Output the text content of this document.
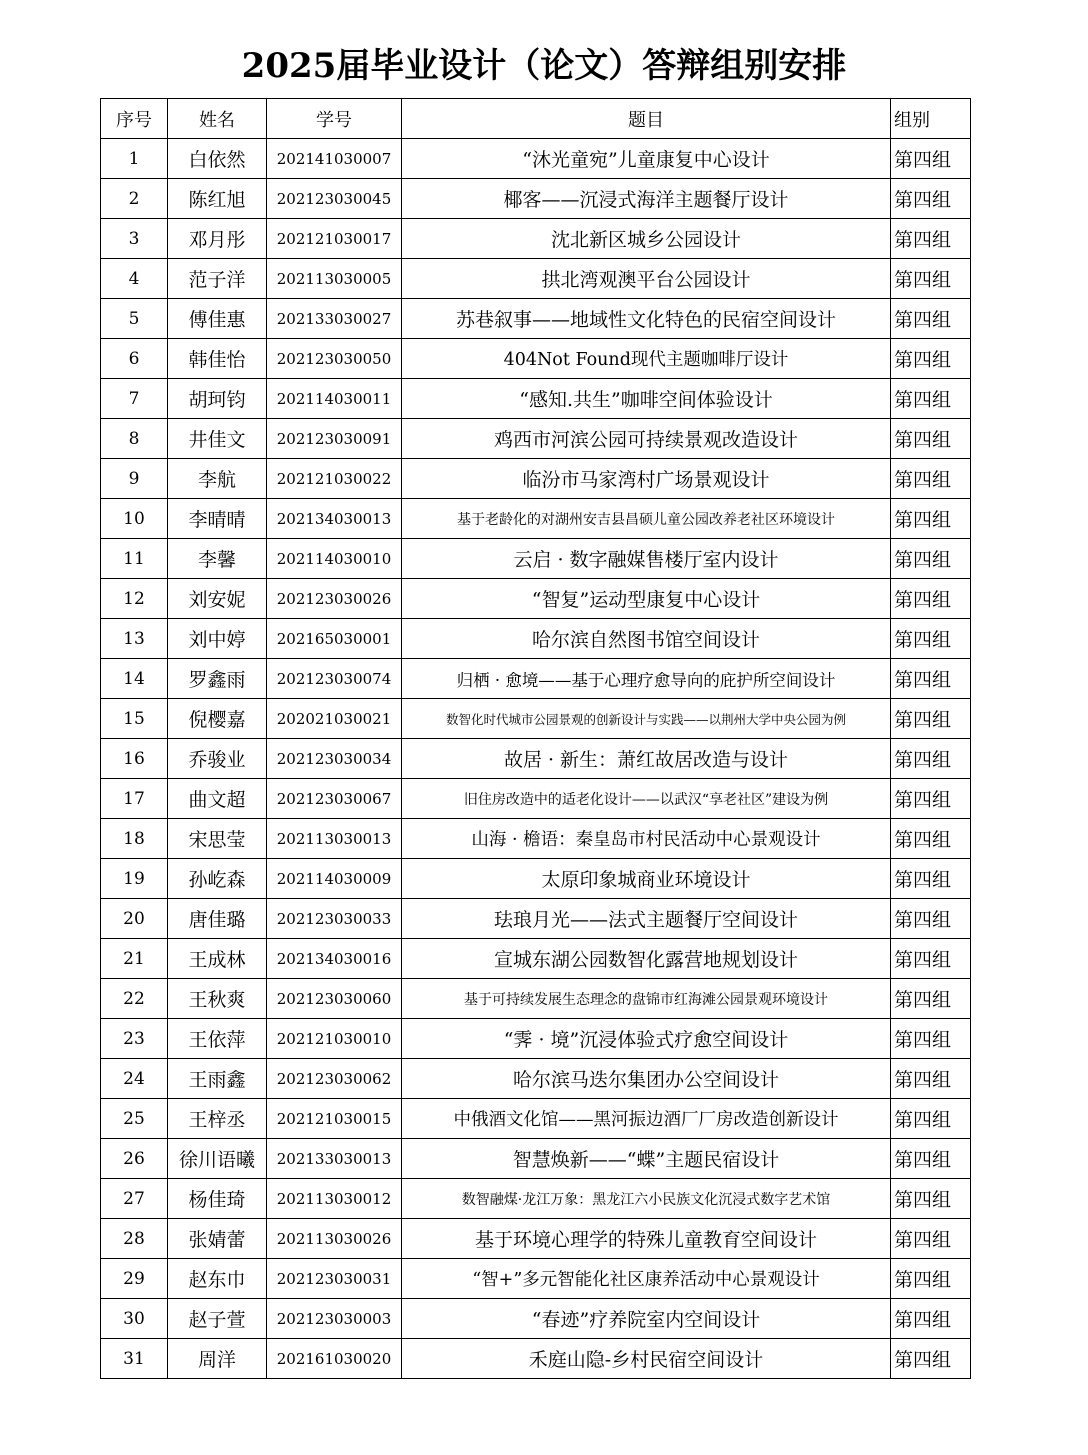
2025届毕业设计（论文）答辩组别安排
序号	姓名	学号	题目	组别
1	白依然	202141030007	“沐光童宛”儿童康复中心设计	第四组
2	陈红旭	202123030045	椰客——沉浸式海洋主题餐厅设计	第四组
3	邓月彤	202121030017	沈北新区城乡公园设计	第四组
4	范子洋	202113030005	拱北湾观澳平台公园设计	第四组
5	傅佳惠	202133030027	苏巷叙事——地域性文化特色的民宿空间设计	第四组
6	韩佳怡	202123030050	404Not Found现代主题咖啡厅设计	第四组
7	胡珂钧	202114030011	“感知.共生”咖啡空间体验设计	第四组
8	井佳文	202123030091	鸡西市河滨公园可持续景观改造设计	第四组
9	李航	202121030022	临汾市马家湾村广场景观设计	第四组
10	李晴晴	202134030013	基于老龄化的对湖州安吉县昌硕儿童公园改养老社区环境设计	第四组
11	李馨	202114030010	云启 · 数字融媒售楼厅室内设计	第四组
12	刘安妮	202123030026	“智复”运动型康复中心设计	第四组
13	刘中婷	202165030001	哈尔滨自然图书馆空间设计	第四组
14	罗鑫雨	202123030074	归栖 · 愈境——基于心理疗愈导向的庇护所空间设计	第四组
15	倪樱嘉	202021030021	数智化时代城市公园景观的创新设计与实践——以荆州大学中央公园为例	第四组
16	乔骏业	202123030034	故居 · 新生：萧红故居改造与设计	第四组
17	曲文超	202123030067	旧住房改造中的适老化设计——以武汉“享老社区”建设为例	第四组
18	宋思莹	202113030013	山海 · 檐语：秦皇岛市村民活动中心景观设计	第四组
19	孙屹森	202114030009	太原印象城商业环境设计	第四组
20	唐佳璐	202123030033	珐琅月光——法式主题餐厅空间设计	第四组
21	王成林	202134030016	宣城东湖公园数智化露营地规划设计	第四组
22	王秋爽	202123030060	基于可持续发展生态理念的盘锦市红海滩公园景观环境设计	第四组
23	王依萍	202121030010	“霁 · 境”沉浸体验式疗愈空间设计	第四组
24	王雨鑫	202123030062	哈尔滨马迭尔集团办公空间设计	第四组
25	王梓丞	202121030015	中俄酒文化馆——黑河振边酒厂厂房改造创新设计	第四组
26	徐川语曦	202133030013	智慧焕新——“蝶”主题民宿设计	第四组
27	杨佳琦	202113030012	数智融煤·龙江万象：黑龙江六小民族文化沉浸式数字艺术馆	第四组
28	张婧蕾	202113030026	基于环境心理学的特殊儿童教育空间设计	第四组
29	赵东巾	202123030031	“智+”多元智能化社区康养活动中心景观设计	第四组
30	赵子萱	202123030003	“春迹”疗养院室内空间设计	第四组
31	周洋	202161030020	禾庭山隐-乡村民宿空间设计	第四组
